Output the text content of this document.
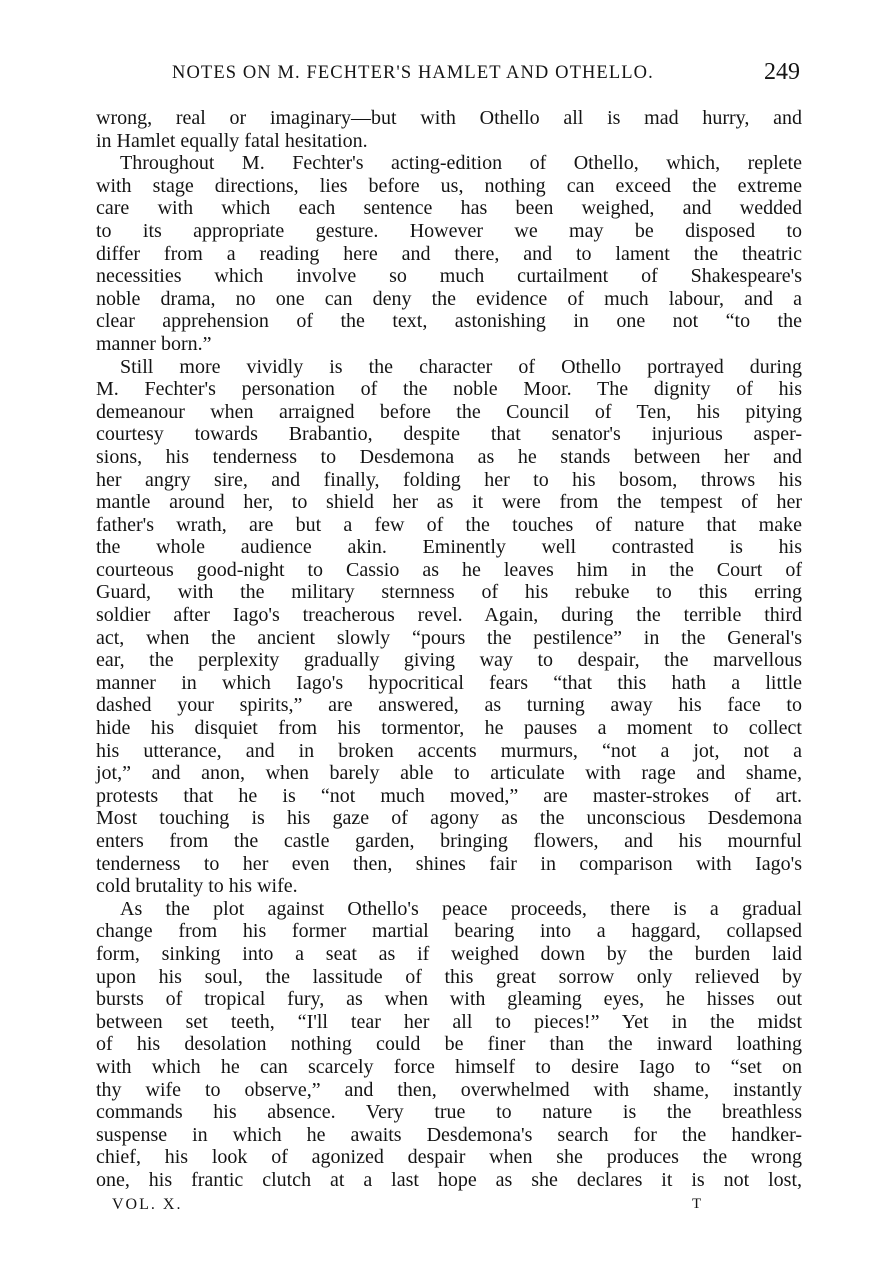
NOTES ON M. FECHTER'S HAMLET AND OTHELLO.	249
wrong, real or imaginary—but with Othello all is mad hurry, and
in Hamlet equally fatal hesitation.
Throughout M. Fechter's acting-edition of Othello, which, replete
with stage directions, lies before us, nothing can exceed the extreme
care with which each sentence has been weighed, and wedded
to its appropriate gesture. However we may be disposed to
differ from a reading here and there, and to lament the theatric
necessities which involve so much curtailment of Shakespeare's
noble drama, no one can deny the evidence of much labour, and a
clear apprehension of the text, astonishing in one not “to the
manner born.”
Still more vividly is the character of Othello portrayed during
M. Fechter's personation of the noble Moor. The dignity of his
demeanour when arraigned before the Council of Ten, his pitying
courtesy towards Brabantio, despite that senator's injurious asper-
sions, his tenderness to Desdemona as he stands between her and
her angry sire, and finally, folding her to his bosom, throws his
mantle around her, to shield her as it were from the tempest of her
father's wrath, are but a few of the touches of nature that make
the whole audience akin. Eminently well contrasted is his
courteous good-night to Cassio as he leaves him in the Court of
Guard, with the military sternness of his rebuke to this erring
soldier after Iago's treacherous revel. Again, during the terrible third
act, when the ancient slowly “pours the pestilence” in the General's
ear, the perplexity gradually giving way to despair, the marvellous
manner in which Iago's hypocritical fears “that this hath a little
dashed your spirits,” are answered, as turning away his face to
hide his disquiet from his tormentor, he pauses a moment to collect
his utterance, and in broken accents murmurs, “not a jot, not a
jot,” and anon, when barely able to articulate with rage and shame,
protests that he is “not much moved,” are master-strokes of art.
Most touching is his gaze of agony as the unconscious Desdemona
enters from the castle garden, bringing flowers, and his mournful
tenderness to her even then, shines fair in comparison with Iago's
cold brutality to his wife.
As the plot against Othello's peace proceeds, there is a gradual
change from his former martial bearing into a haggard, collapsed
form, sinking into a seat as if weighed down by the burden laid
upon his soul, the lassitude of this great sorrow only relieved by
bursts of tropical fury, as when with gleaming eyes, he hisses out
between set teeth, “I'll tear her all to pieces!” Yet in the midst
of his desolation nothing could be finer than the inward loathing
with which he can scarcely force himself to desire Iago to “set on
thy wife to observe,” and then, overwhelmed with shame, instantly
commands his absence. Very true to nature is the breathless
suspense in which he awaits Desdemona's search for the handker-
chief, his look of agonized despair when she produces the wrong
one, his frantic clutch at a last hope as she declares it is not lost,
VOL. X.	T
